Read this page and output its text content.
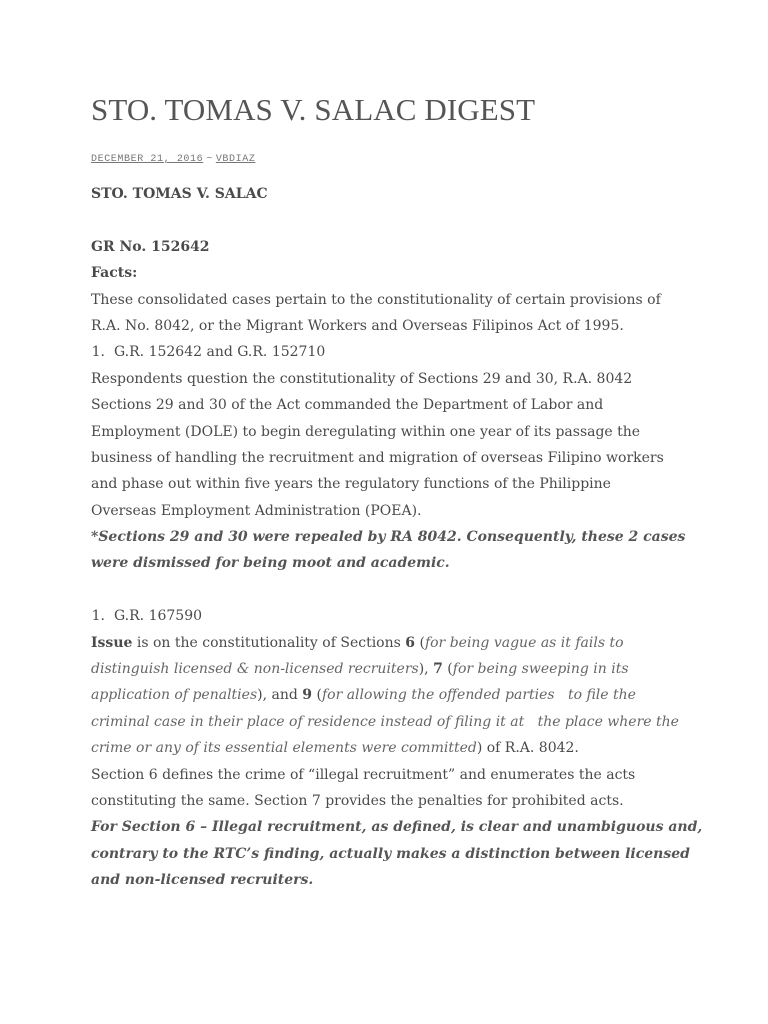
STO. TOMAS V. SALAC DIGEST
DECEMBER 21, 2016 ~ VBDIAZ
STO. TOMAS V. SALAC
GR No. 152642
Facts:
These consolidated cases pertain to the constitutionality of certain provisions of
R.A. No. 8042, or the Migrant Workers and Overseas Filipinos Act of 1995.
1. G.R. 152642 and G.R. 152710
Respondents question the constitutionality of Sections 29 and 30, R.A. 8042
Sections 29 and 30 of the Act commanded the Department of Labor and
Employment (DOLE) to begin deregulating within one year of its passage the
business of handling the recruitment and migration of overseas Filipino workers
and phase out within five years the regulatory functions of the Philippine
Overseas Employment Administration (POEA).
*Sections 29 and 30 were repealed by RA 8042. Consequently, these 2 cases
were dismissed for being moot and academic.
1. G.R. 167590
Issue is on the constitutionality of Sections 6 (for being vague as it fails to
distinguish licensed & non-licensed recruiters), 7 (for being sweeping in its
application of penalties), and 9 (for allowing the offended parties   to file the
criminal case in their place of residence instead of filing it at   the place where the
crime or any of its essential elements were committed) of R.A. 8042.
Section 6 defines the crime of “illegal recruitment” and enumerates the acts
constituting the same. Section 7 provides the penalties for prohibited acts.
For Section 6 – Illegal recruitment, as defined, is clear and unambiguous and,
contrary to the RTC’s finding, actually makes a distinction between licensed
and non-licensed recruiters.
